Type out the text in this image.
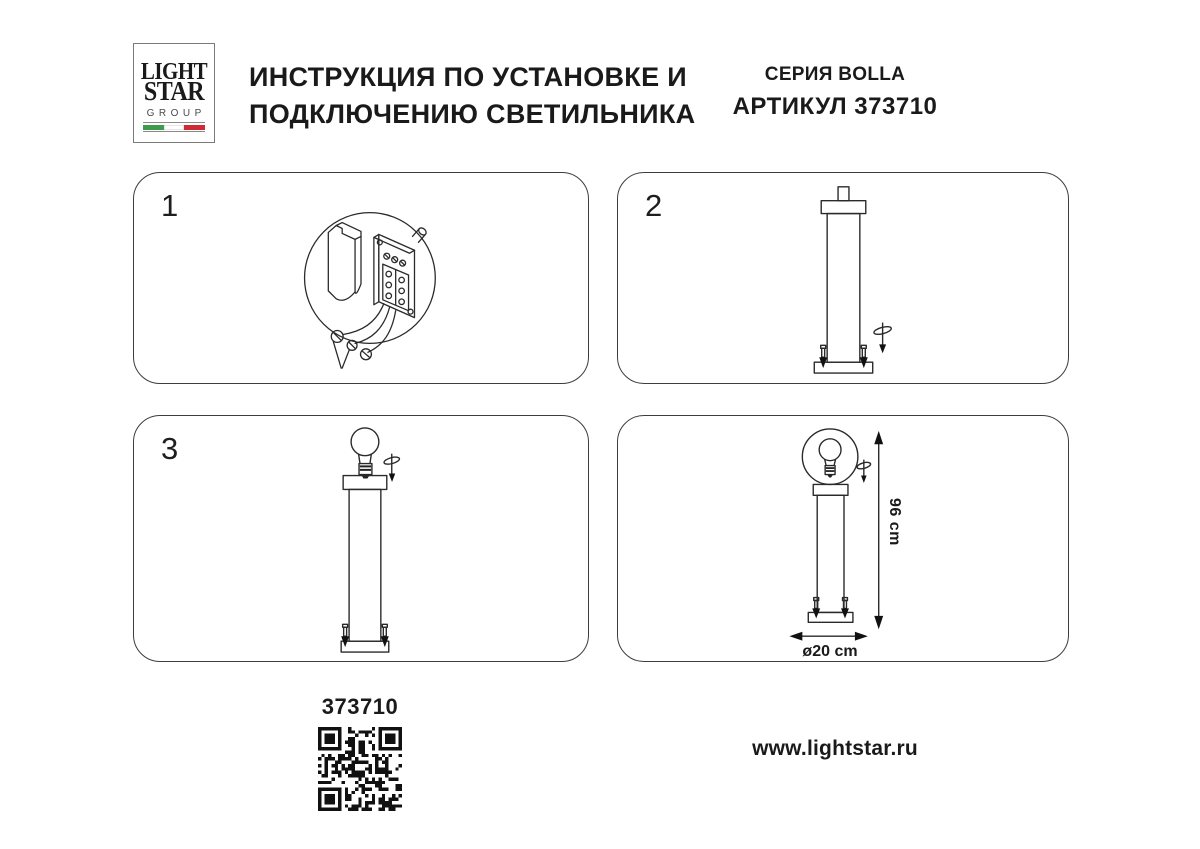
LIGHT
STAR
GROUP
ИНСТРУКЦИЯ ПО УСТАНОВКЕ И
ПОДКЛЮЧЕНИЮ СВЕТИЛЬНИКА
СЕРИЯ BOLLA
АРТИКУЛ 373710
1	2
3
96 cm
ø20 cm
373710
www.lightstar.ru
